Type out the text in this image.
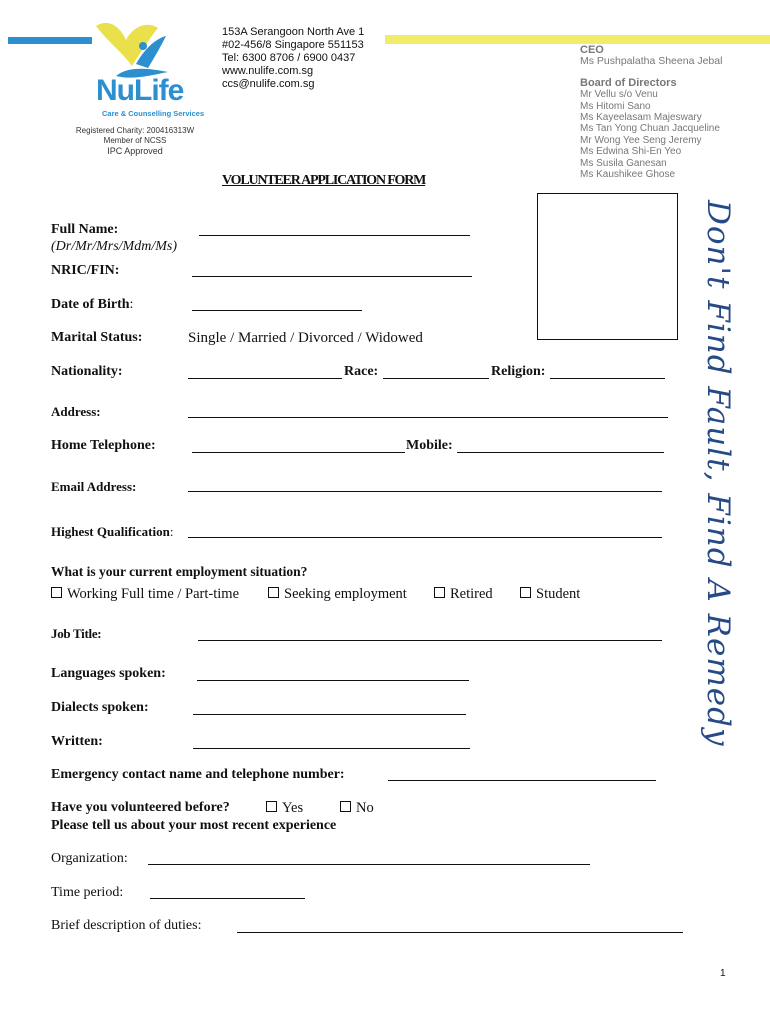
NuLife
Care & Counselling Services
Registered Charity: 200416313W
Member of NCSS
IPC Approved
153A Serangoon North Ave 1
#02-456/8 Singapore 551153
Tel: 6300 8706 / 6900 0437
www.nulife.com.sg
ccs@nulife.com.sg
CEO
Ms Pushpalatha Sheena Jebal
Board of Directors
Mr Vellu s/o Venu
Ms Hitomi Sano
Ms Kayeelasam Majeswary
Ms Tan Yong Chuan Jacqueline
Mr Wong Yee Seng Jeremy
Ms Edwina Shi-En Yeo
Ms Susila Ganesan
Ms Kaushikee Ghose
VOLUNTEER APPLICATION FORM
Don't Find Fault, Find A Remedy
Full Name:
(Dr/Mr/Mrs/Mdm/Ms)
NRIC/FIN:
Date of Birth:
Marital Status:	Single / Married / Divorced / Widowed
Nationality:	Race:	Religion:
Address:
Home Telephone:	Mobile:
Email Address:
Highest Qualification:
What is your current employment situation?
Working Full time / Part-time	Seeking employment	Retired	Student
Job Title:
Languages spoken:
Dialects spoken:
Written:
Emergency contact name and telephone number:
Have you volunteered before?	Yes	No
Please tell us about your most recent experience
Organization:
Time period:
Brief description of duties:
1
